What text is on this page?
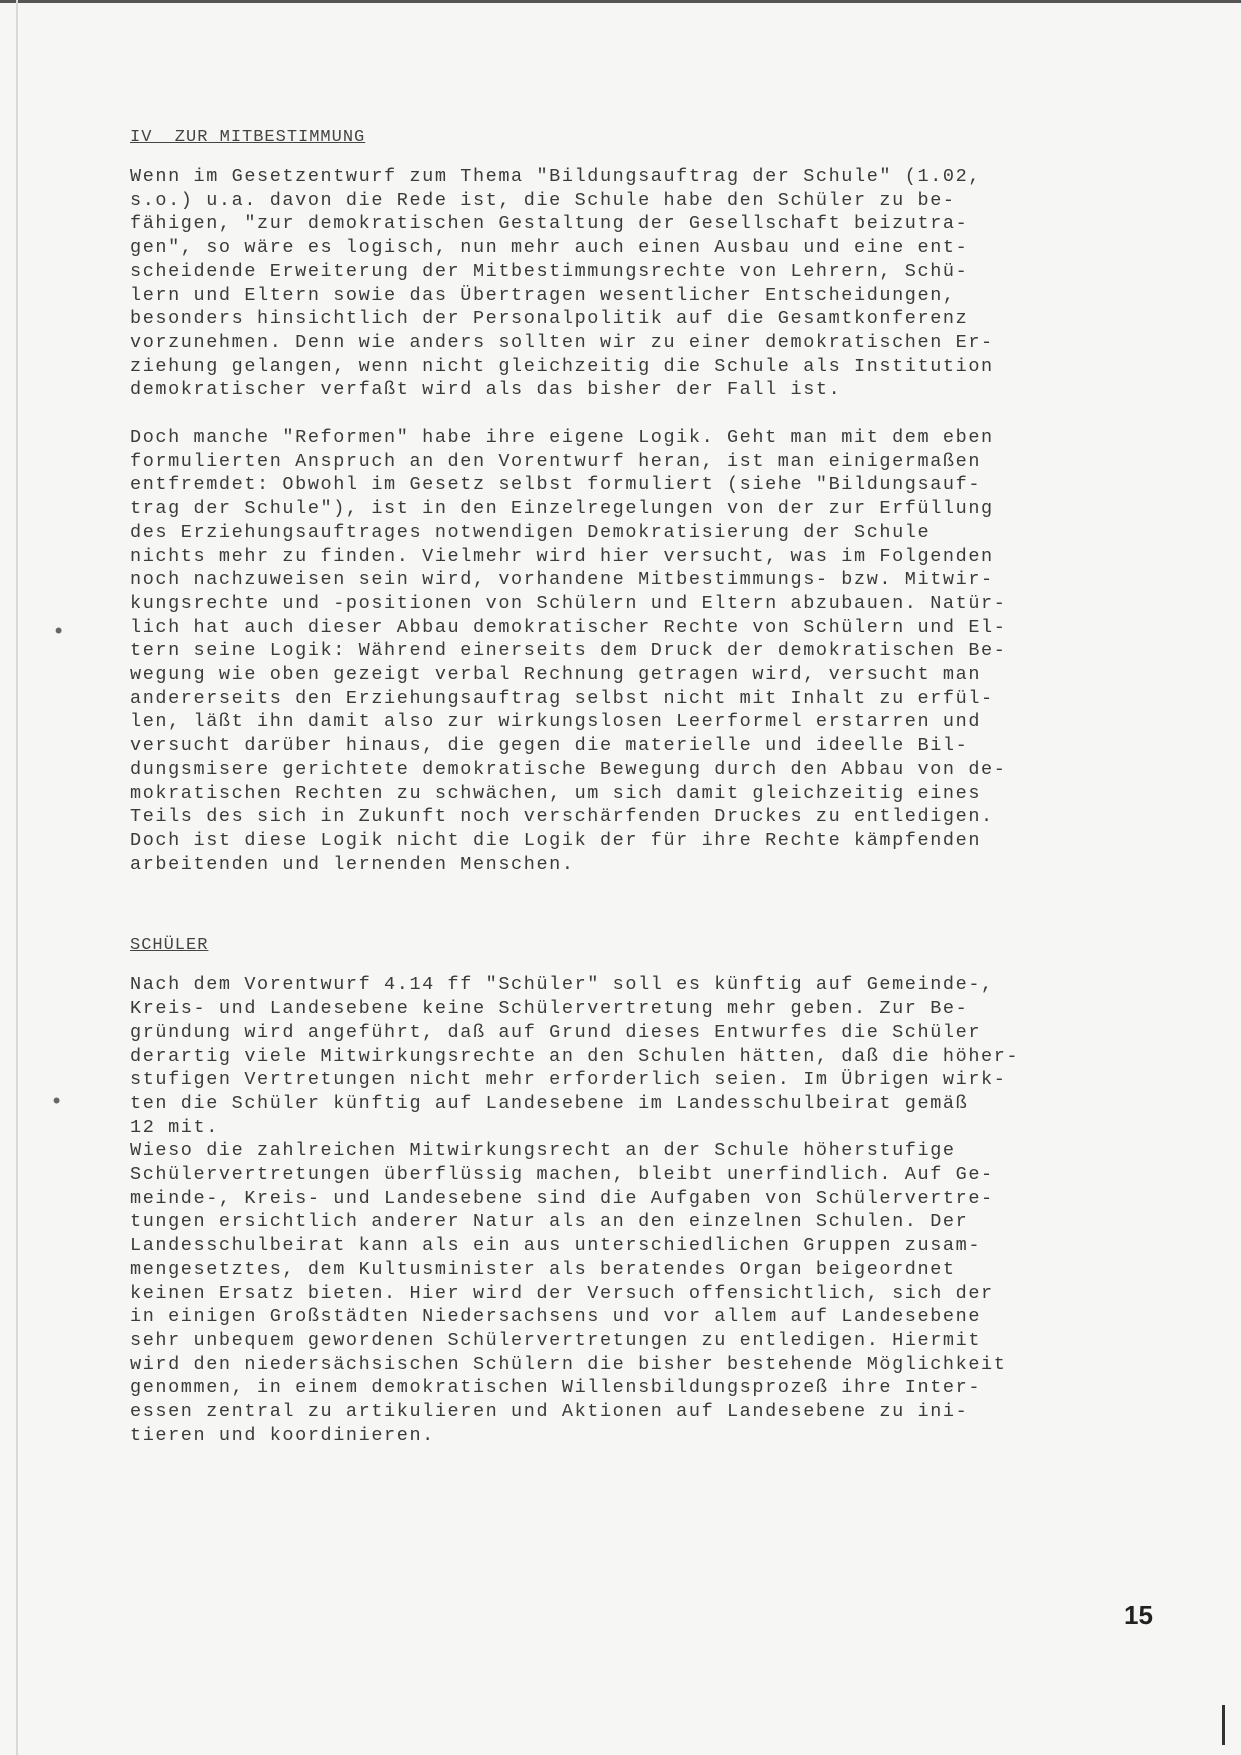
•
•
IV  ZUR MITBESTIMMUNG

Wenn im Gesetzentwurf zum Thema "Bildungsauftrag der Schule" (1.02,
s.o.) u.a. davon die Rede ist, die Schule habe den Schüler zu be-
fähigen, "zur demokratischen Gestaltung der Gesellschaft beizutra-
gen", so wäre es logisch, nun mehr auch einen Ausbau und eine ent-
scheidende Erweiterung der Mitbestimmungsrechte von Lehrern, Schü-
lern und Eltern sowie das Übertragen wesentlicher Entscheidungen,
besonders hinsichtlich der Personalpolitik auf die Gesamtkonferenz
vorzunehmen. Denn wie anders sollten wir zu einer demokratischen Er-
ziehung gelangen, wenn nicht gleichzeitig die Schule als Institution
demokratischer verfaßt wird als das bisher der Fall ist.

Doch manche "Reformen" habe ihre eigene Logik. Geht man mit dem eben
formulierten Anspruch an den Vorentwurf heran, ist man einigermaßen
entfremdet: Obwohl im Gesetz selbst formuliert (siehe "Bildungsauf-
trag der Schule"), ist in den Einzelregelungen von der zur Erfüllung
des Erziehungsauftrages notwendigen Demokratisierung der Schule
nichts mehr zu finden. Vielmehr wird hier versucht, was im Folgenden
noch nachzuweisen sein wird, vorhandene Mitbestimmungs- bzw. Mitwir-
kungsrechte und -positionen von Schülern und Eltern abzubauen. Natür-
lich hat auch dieser Abbau demokratischer Rechte von Schülern und El-
tern seine Logik: Während einerseits dem Druck der demokratischen Be-
wegung wie oben gezeigt verbal Rechnung getragen wird, versucht man
andererseits den Erziehungsauftrag selbst nicht mit Inhalt zu erfül-
len, läßt ihn damit also zur wirkungslosen Leerformel erstarren und
versucht darüber hinaus, die gegen die materielle und ideelle Bil-
dungsmisere gerichtete demokratische Bewegung durch den Abbau von de-
mokratischen Rechten zu schwächen, um sich damit gleichzeitig eines
Teils des sich in Zukunft noch verschärfenden Druckes zu entledigen.
Doch ist diese Logik nicht die Logik der für ihre Rechte kämpfenden
arbeitenden und lernenden Menschen.

SCHÜLER

Nach dem Vorentwurf 4.14 ff "Schüler" soll es künftig auf Gemeinde-,
Kreis- und Landesebene keine Schülervertretung mehr geben. Zur Be-
gründung wird angeführt, daß auf Grund dieses Entwurfes die Schüler
derartig viele Mitwirkungsrechte an den Schulen hätten, daß die höher-
stufigen Vertretungen nicht mehr erforderlich seien. Im Übrigen wirk-
ten die Schüler künftig auf Landesebene im Landesschulbeirat gemäß
12 mit.
Wieso die zahlreichen Mitwirkungsrecht an der Schule höherstufige
Schülervertretungen überflüssig machen, bleibt unerfindlich. Auf Ge-
meinde-, Kreis- und Landesebene sind die Aufgaben von Schülervertre-
tungen ersichtlich anderer Natur als an den einzelnen Schulen. Der
Landesschulbeirat kann als ein aus unterschiedlichen Gruppen zusam-
mengesetztes, dem Kultusminister als beratendes Organ beigeordnet
keinen Ersatz bieten. Hier wird der Versuch offensichtlich, sich der
in einigen Großstädten Niedersachsens und vor allem auf Landesebene
sehr unbequem gewordenen Schülervertretungen zu entledigen. Hiermit
wird den niedersächsischen Schülern die bisher bestehende Möglichkeit
genommen, in einem demokratischen Willensbildungsprozeß ihre Inter-
essen zentral zu artikulieren und Aktionen auf Landesebene zu ini-
tieren und koordinieren.

15
